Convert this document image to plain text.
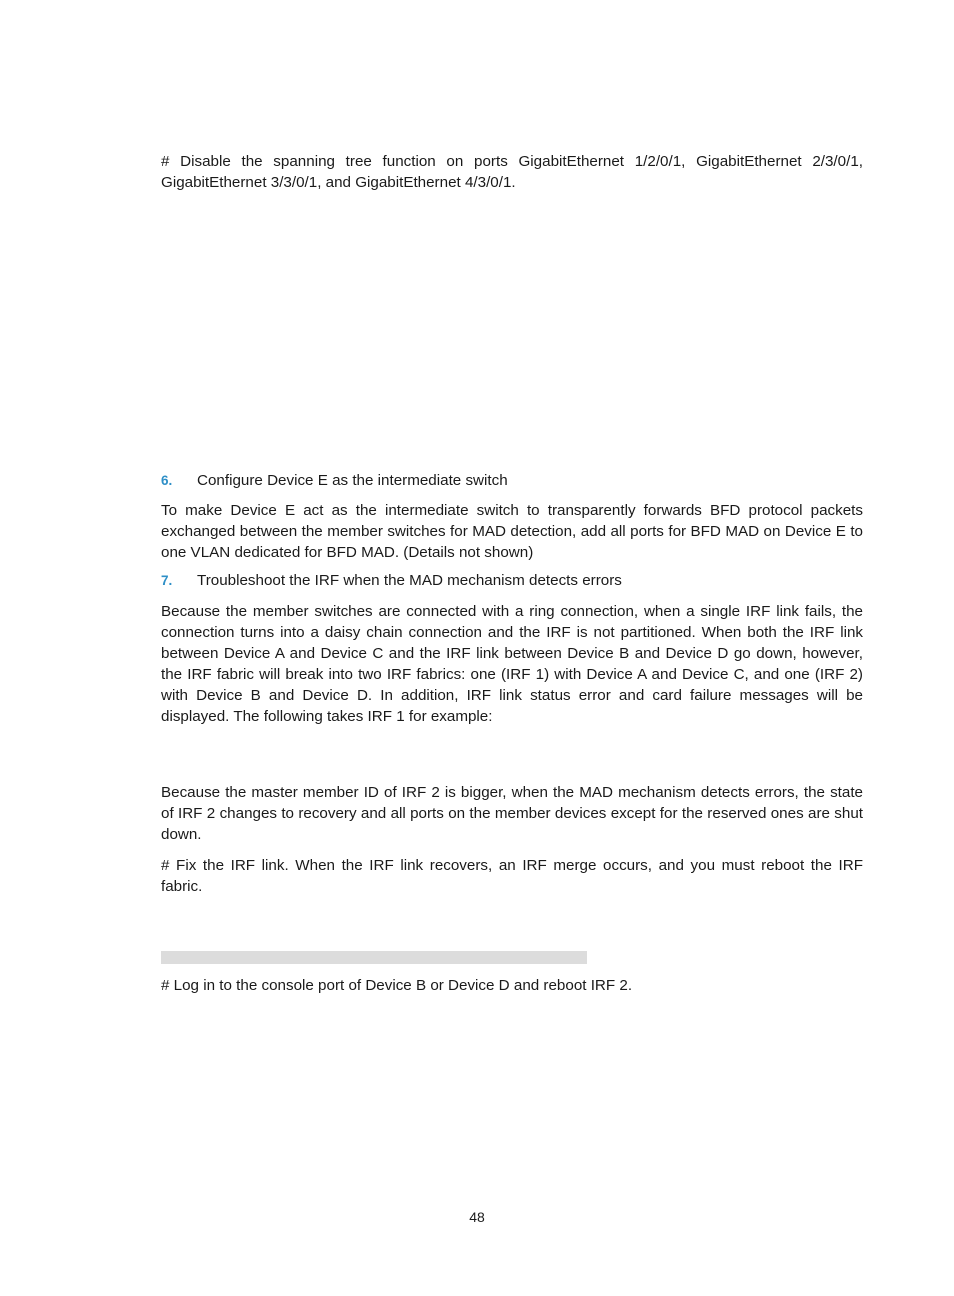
# Disable the spanning tree function on ports GigabitEthernet 1/2/0/1, GigabitEthernet 2/3/0/1, GigabitEthernet 3/3/0/1, and GigabitEthernet 4/3/0/1.

6. Configure Device E as the intermediate switch

To make Device E act as the intermediate switch to transparently forwards BFD protocol packets exchanged between the member switches for MAD detection, add all ports for BFD MAD on Device E to one VLAN dedicated for BFD MAD. (Details not shown)

7. Troubleshoot the IRF when the MAD mechanism detects errors

Because the member switches are connected with a ring connection, when a single IRF link fails, the connection turns into a daisy chain connection and the IRF is not partitioned. When both the IRF link between Device A and Device C and the IRF link between Device B and Device D go down, however, the IRF fabric will break into two IRF fabrics: one (IRF 1) with Device A and Device C, and one (IRF 2) with Device B and Device D. In addition, IRF link status error and card failure messages will be displayed. The following takes IRF 1 for example:

Because the master member ID of IRF 2 is bigger, when the MAD mechanism detects errors, the state of IRF 2 changes to recovery and all ports on the member devices except for the reserved ones are shut down.

# Fix the IRF link. When the IRF link recovers, an IRF merge occurs, and you must reboot the IRF fabric.

# Log in to the console port of Device B or Device D and reboot IRF 2.

48
